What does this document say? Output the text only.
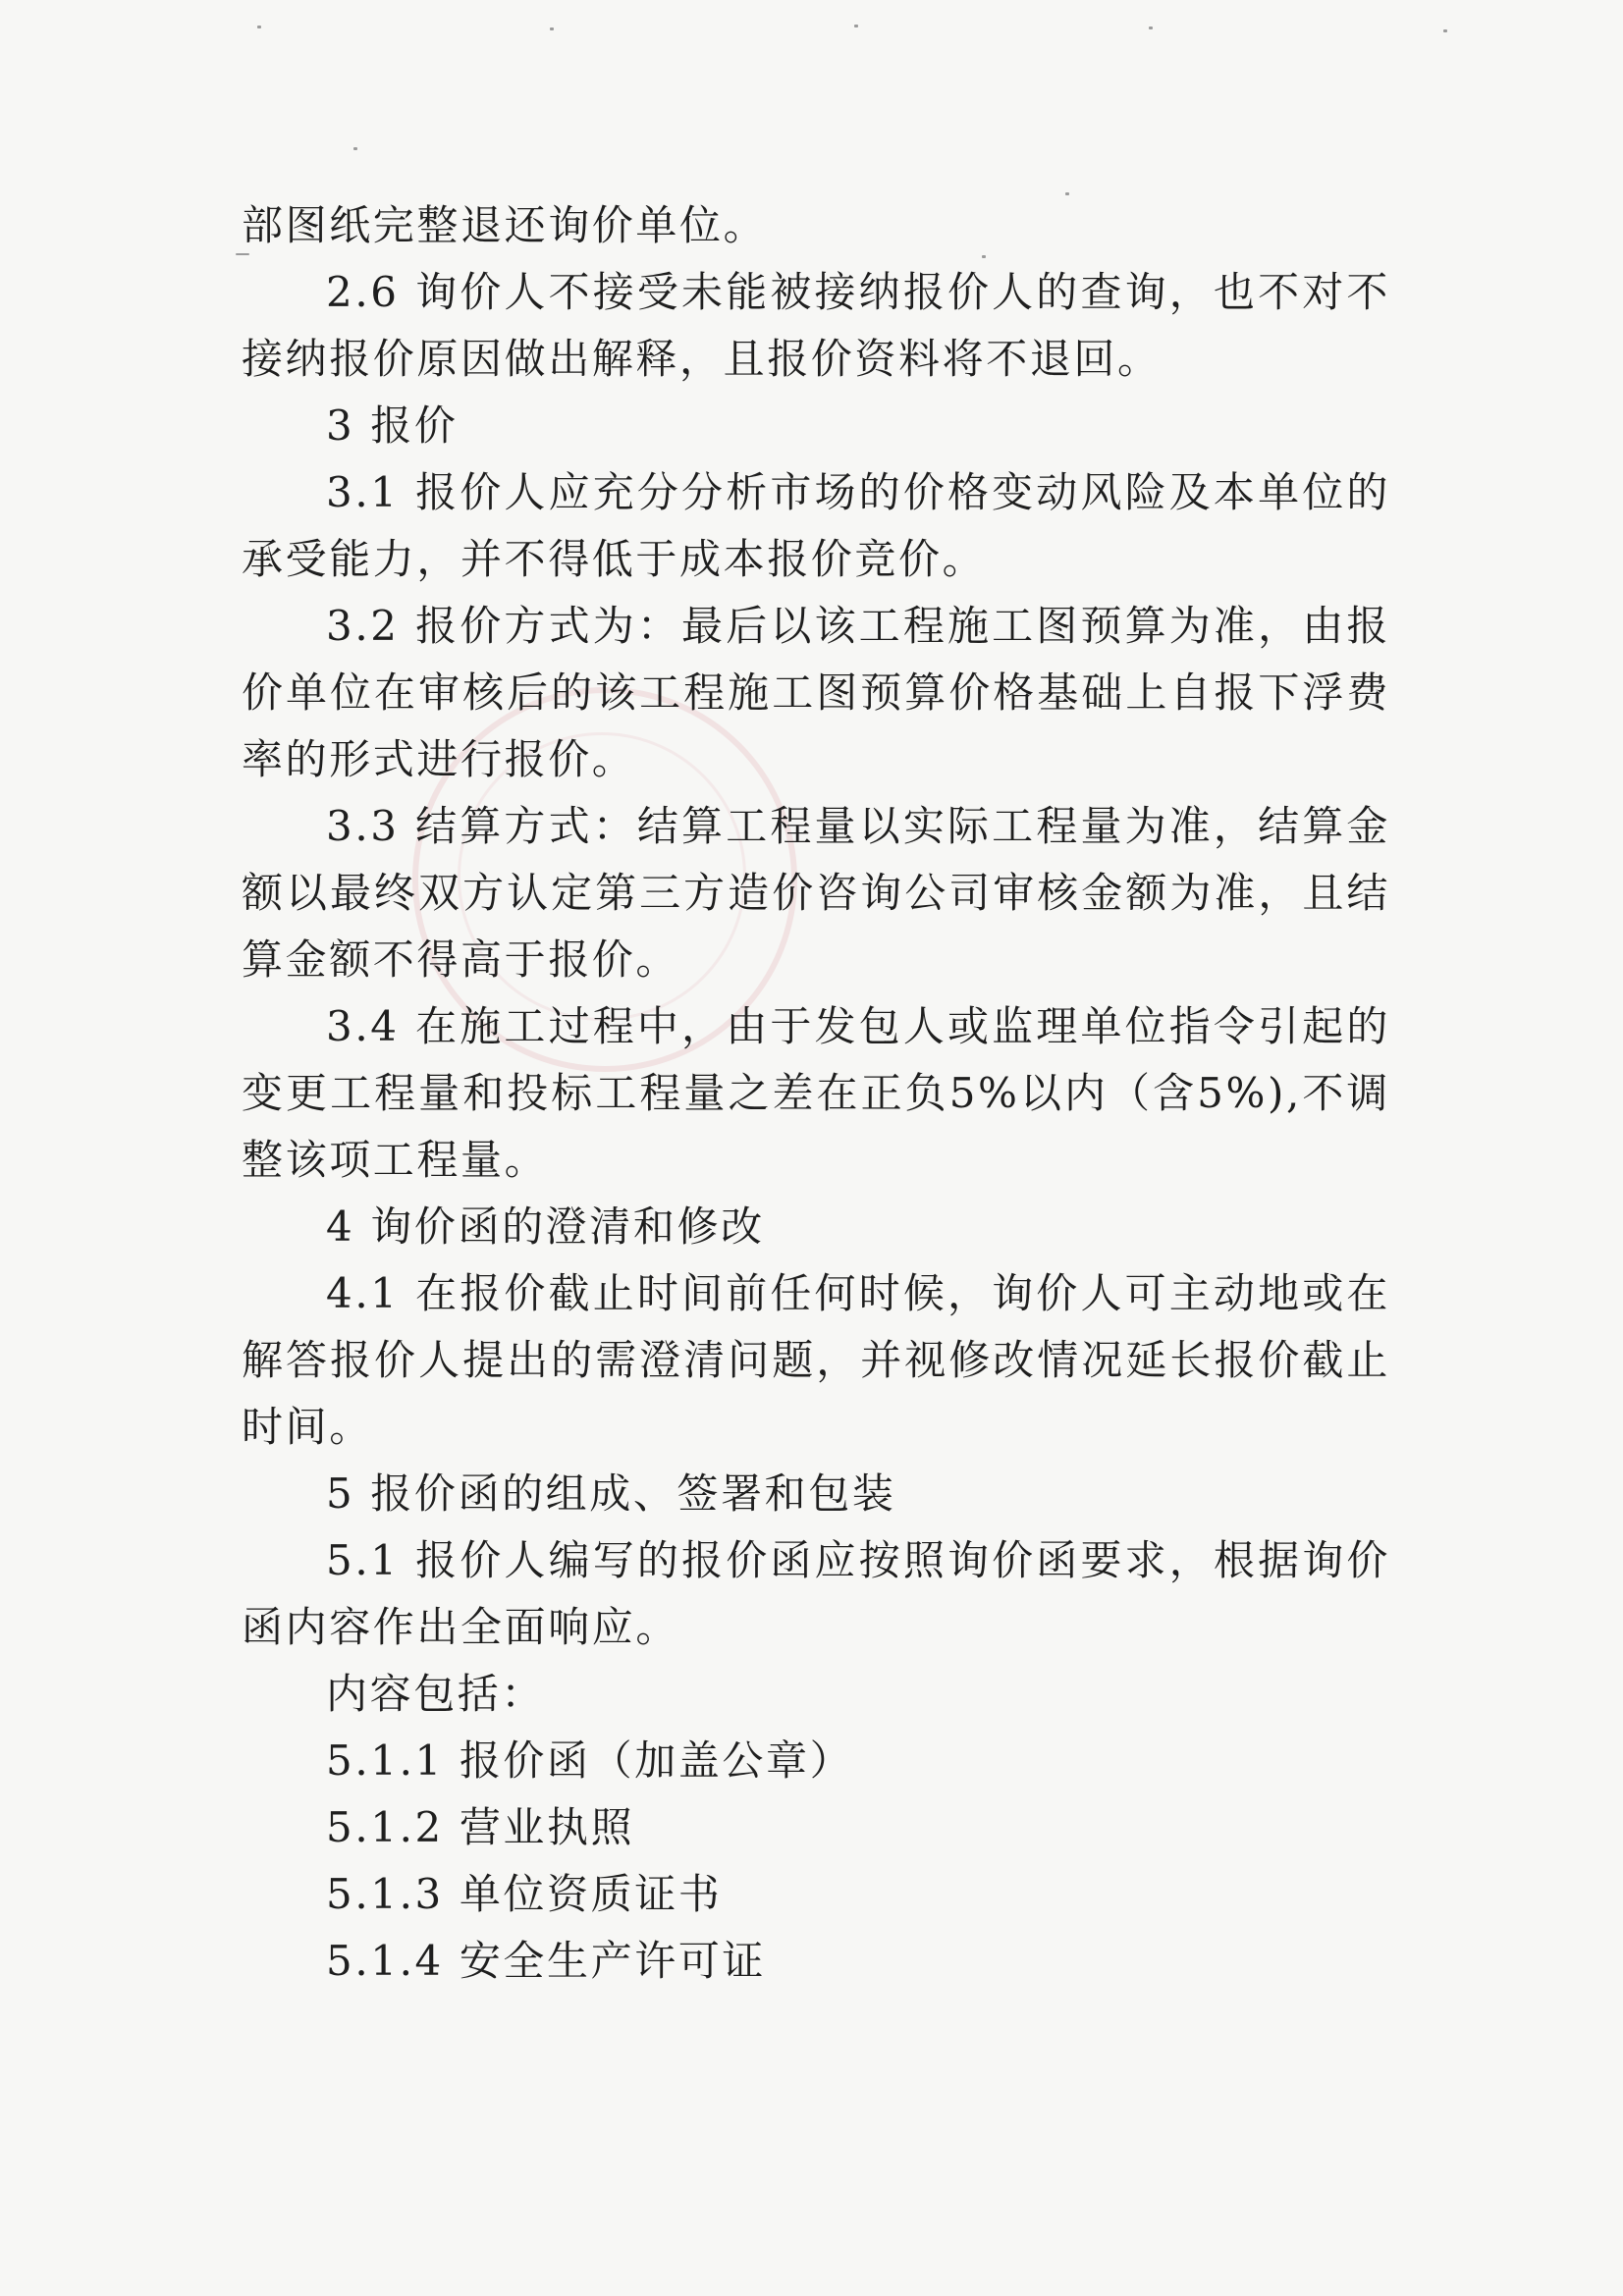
部图纸完整退还询价单位。

2.6 询价人不接受未能被接纳报价人的查询，也不对不接纳报价原因做出解释，且报价资料将不退回。

3 报价

3.1 报价人应充分分析市场的价格变动风险及本单位的承受能力，并不得低于成本报价竞价。

3.2 报价方式为：最后以该工程施工图预算为准，由报价单位在审核后的该工程施工图预算价格基础上自报下浮费率的形式进行报价。

3.3 结算方式：结算工程量以实际工程量为准，结算金额以最终双方认定第三方造价咨询公司审核金额为准，且结算金额不得高于报价。

3.4 在施工过程中，由于发包人或监理单位指令引起的变更工程量和投标工程量之差在正负5%以内（含5%),不调整该项工程量。

4 询价函的澄清和修改

4.1 在报价截止时间前任何时候，询价人可主动地或在解答报价人提出的需澄清问题，并视修改情况延长报价截止时间。

5 报价函的组成、签署和包装

5.1 报价人编写的报价函应按照询价函要求，根据询价函内容作出全面响应。

内容包括：

5.1.1 报价函（加盖公章）

5.1.2 营业执照

5.1.3 单位资质证书

5.1.4 安全生产许可证
